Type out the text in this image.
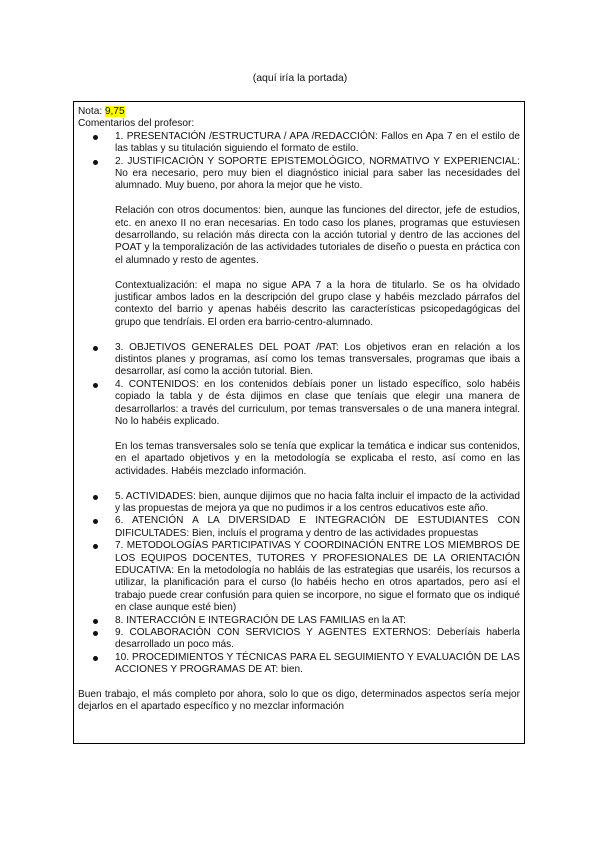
(aquí iría la portada)
Nota: 9,75
Comentarios del profesor:
1. PRESENTACIÓN /ESTRUCTURA / APA /REDACCIÓN: Fallos en Apa 7 en el estilo de las tablas y su titulación siguiendo el formato de estilo.
2. JUSTIFICACIÓN Y SOPORTE EPISTEMOLÓGICO, NORMATIVO Y EXPERIENCIAL: No era necesario, pero muy bien el diagnóstico inicial para saber las necesidades del alumnado. Muy bueno, por ahora la mejor que he visto.
Relación con otros documentos: bien, aunque las funciones del director, jefe de estudios, etc. en anexo II no eran necesarias. En todo caso los planes, programas que estuviesen desarrollando, su relación más directa con la acción tutorial y dentro de las acciones del POAT y la temporalización de las actividades tutoriales de diseño o puesta en práctica con el alumnado y resto de agentes.
Contextualización: el mapa no sigue APA 7 a la hora de titularlo. Se os ha olvidado justificar ambos lados en la descripción del grupo clase y habéis mezclado párrafos del contexto del barrio y apenas habéis descrito las características psicopedagógicas del grupo que tendríais. El orden era barrio-centro-alumnado.
3. OBJETIVOS GENERALES DEL POAT /PAT: Los objetivos eran en relación a los distintos planes y programas, así como los temas transversales, programas que ibais a desarrollar, así como la acción tutorial. Bien.
4. CONTENIDOS: en los contenidos debíais poner un listado específico, solo habéis copiado la tabla y de ésta dijimos en clase que teníais que elegir una manera de desarrollarlos: a través del curriculum, por temas transversales o de una manera integral. No lo habéis explicado.
En los temas transversales solo se tenía que explicar la temática e indicar sus contenidos, en el apartado objetivos y en la metodología se explicaba el resto, así como en las actividades. Habéis mezclado información.
5. ACTIVIDADES: bien, aunque dijimos que no hacia falta incluir el impacto de la actividad y las propuestas de mejora ya que no pudimos ir a los centros educativos este año.
6. ATENCIÓN A LA DIVERSIDAD E INTEGRACIÓN DE ESTUDIANTES CON DIFICULTADES: Bien, incluís el programa y dentro de las actividades propuestas
7. METODOLOGÍAS PARTICIPATIVAS Y COORDINACIÓN ENTRE LOS MIEMBROS DE LOS EQUIPOS DOCENTES, TUTORES Y PROFESIONALES DE LA ORIENTACIÓN EDUCATIVA: En la metodología no habláis de las estrategias que usaréis, los recursos a utilizar, la planificación para el curso (lo habéis hecho en otros apartados, pero así el trabajo puede crear confusión para quien se incorpore, no sigue el formato que os indiqué en clase aunque esté bien)
8. INTERACCIÓN E INTEGRACIÓN DE LAS FAMILIAS en la AT:
9. COLABORACIÓN CON SERVICIOS Y AGENTES EXTERNOS: Deberíais haberla desarrollado un poco más.
10. PROCEDIMIENTOS Y TÉCNICAS PARA EL SEGUIMIENTO Y EVALUACIÓN DE LAS ACCIONES Y PROGRAMAS DE AT: bien.
Buen trabajo, el más completo por ahora, solo lo que os digo, determinados aspectos sería mejor dejarlos en el apartado específico y no mezclar información
